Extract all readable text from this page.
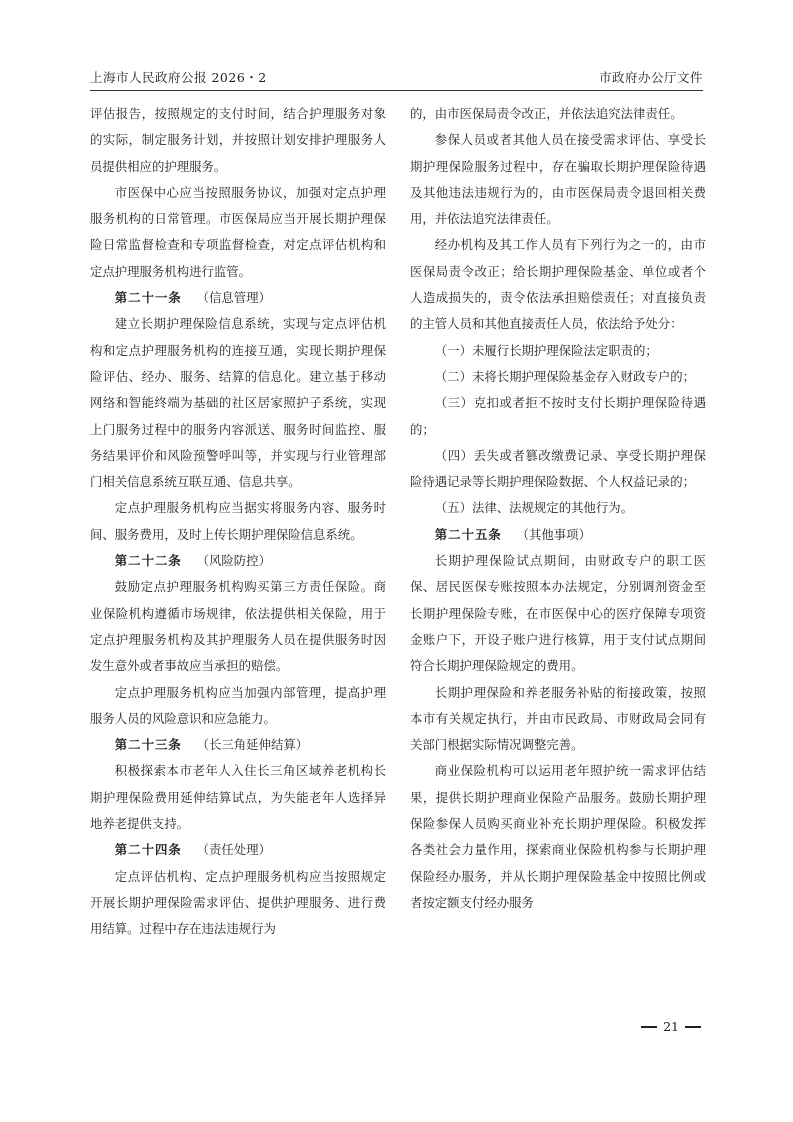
上海市人民政府公报 2026・2	市政府办公厅文件

评估报告，按照规定的支付时间，结合护理服务对象的实际，制定服务计划，并按照计划安排护理服务人员提供相应的护理服务。

市医保中心应当按照服务协议，加强对定点护理服务机构的日常管理。市医保局应当开展长期护理保险日常监督检查和专项监督检查，对定点评估机构和定点护理服务机构进行监管。

第二十一条 （信息管理）

建立长期护理保险信息系统，实现与定点评估机构和定点护理服务机构的连接互通，实现长期护理保险评估、经办、服务、结算的信息化。建立基于移动网络和智能终端为基础的社区居家照护子系统，实现上门服务过程中的服务内容派送、服务时间监控、服务结果评价和风险预警呼叫等，并实现与行业管理部门相关信息系统互联互通、信息共享。

定点护理服务机构应当据实将服务内容、服务时间、服务费用，及时上传长期护理保险信息系统。

第二十二条 （风险防控）

鼓励定点护理服务机构购买第三方责任保险。商业保险机构遵循市场规律，依法提供相关保险，用于定点护理服务机构及其护理服务人员在提供服务时因发生意外或者事故应当承担的赔偿。

定点护理服务机构应当加强内部管理，提高护理服务人员的风险意识和应急能力。

第二十三条 （长三角延伸结算）

积极探索本市老年人入住长三角区域养老机构长期护理保险费用延伸结算试点，为失能老年人选择异地养老提供支持。

第二十四条 （责任处理）

定点评估机构、定点护理服务机构应当按照规定开展长期护理保险需求评估、提供护理服务、进行费用结算。过程中存在违法违规行为

的，由市医保局责令改正，并依法追究法律责任。

参保人员或者其他人员在接受需求评估、享受长期护理保险服务过程中，存在骗取长期护理保险待遇及其他违法违规行为的，由市医保局责令退回相关费用，并依法追究法律责任。

经办机构及其工作人员有下列行为之一的，由市医保局责令改正；给长期护理保险基金、单位或者个人造成损失的，责令依法承担赔偿责任；对直接负责的主管人员和其他直接责任人员，依法给予处分：

（一）未履行长期护理保险法定职责的；

（二）未将长期护理保险基金存入财政专户的；

（三）克扣或者拒不按时支付长期护理保险待遇的；

（四）丢失或者篡改缴费记录、享受长期护理保险待遇记录等长期护理保险数据、个人权益记录的；

（五）法律、法规规定的其他行为。

第二十五条 （其他事项）

长期护理保险试点期间，由财政专户的职工医保、居民医保专账按照本办法规定，分别调剂资金至长期护理保险专账，在市医保中心的医疗保障专项资金账户下，开设子账户进行核算，用于支付试点期间符合长期护理保险规定的费用。

长期护理保险和养老服务补贴的衔接政策，按照本市有关规定执行，并由市民政局、市财政局会同有关部门根据实际情况调整完善。

商业保险机构可以运用老年照护统一需求评估结果，提供长期护理商业保险产品服务。鼓励长期护理保险参保人员购买商业补充长期护理保险。积极发挥各类社会力量作用，探索商业保险机构参与长期护理保险经办服务，并从长期护理保险基金中按照比例或者按定额支付经办服务

21
